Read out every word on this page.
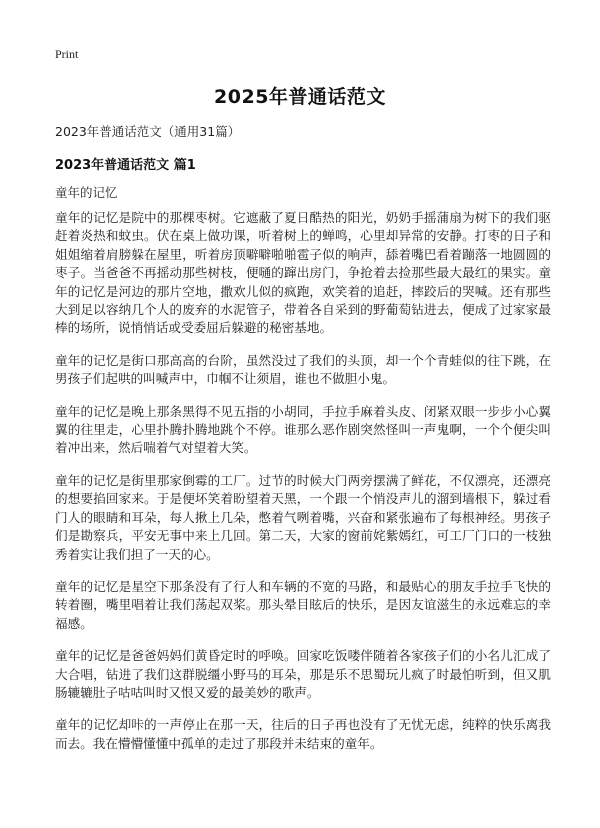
Print
2025年普通话范文
2023年普通话范文（通用31篇）
2023年普通话范文 篇1
童年的记忆

童年的记忆是院中的那棵枣树。它遮蔽了夏日酷热的阳光，奶奶手摇蒲扇为树下的我们驱赶着炎热和蚊虫。伏在桌上做功课，听着树上的蝉鸣，心里却异常的安静。打枣的日子和姐姐缩着肩膀躲在屋里，听着房顶噼噼啪啪雹子似的响声，舔着嘴巴看着蹦落一地圆圆的枣子。当爸爸不再摇动那些树枝，便嗵的蹿出房门，争抢着去捡那些最大最红的果实。童年的记忆是河边的那片空地，撒欢儿似的疯跑，欢笑着的追赶，摔跤后的哭喊。还有那些大到足以容纳几个人的废弃的水泥管子，带着各自采到的野葡萄钻进去，便成了过家家最棒的场所，说悄悄话或受委屈后躲避的秘密基地。

童年的记忆是街口那高高的台阶，虽然没过了我们的头顶，却一个个青蛙似的往下跳，在男孩子们起哄的叫喊声中，巾帼不让须眉，谁也不做胆小鬼。

童年的记忆是晚上那条黑得不见五指的小胡同，手拉手麻着头皮、闭紧双眼一步步小心翼翼的往里走，心里扑腾扑腾地跳个不停。谁那么恶作剧突然怪叫一声鬼啊，一个个便尖叫着冲出来，然后喘着气对望着大笑。

童年的记忆是街里那家倒霉的工厂。过节的时候大门两旁摆满了鲜花，不仅漂亮，还漂亮的想要掐回家来。于是便坏笑着盼望着天黑，一个跟一个悄没声儿的溜到墙根下，躲过看门人的眼睛和耳朵，每人揪上几朵，憋着气咧着嘴，兴奋和紧张遍布了每根神经。男孩子们是勘察兵，平安无事中来上几回。第二天，大家的窗前姹紫嫣红，可工厂门口的一枝独秀着实让我们担了一天的心。

童年的记忆是星空下那条没有了行人和车辆的不宽的马路，和最贴心的朋友手拉手飞快的转着圈，嘴里唱着让我们荡起双桨。那头晕目眩后的快乐，是因友谊滋生的永远难忘的幸福感。

童年的记忆是爸爸妈妈们黄昏定时的呼唤。回家吃饭喽伴随着各家孩子们的小名儿汇成了大合唱，钻进了我们这群脱缰小野马的耳朵，那是乐不思蜀玩儿疯了时最怕听到，但又肌肠辘辘肚子咕咕叫时又恨又爱的最美妙的歌声。

童年的记忆却咔的一声停止在那一天，往后的日子再也没有了无忧无虑，纯粹的快乐离我而去。我在懵懵懂懂中孤单的走过了那段并未结束的童年。
